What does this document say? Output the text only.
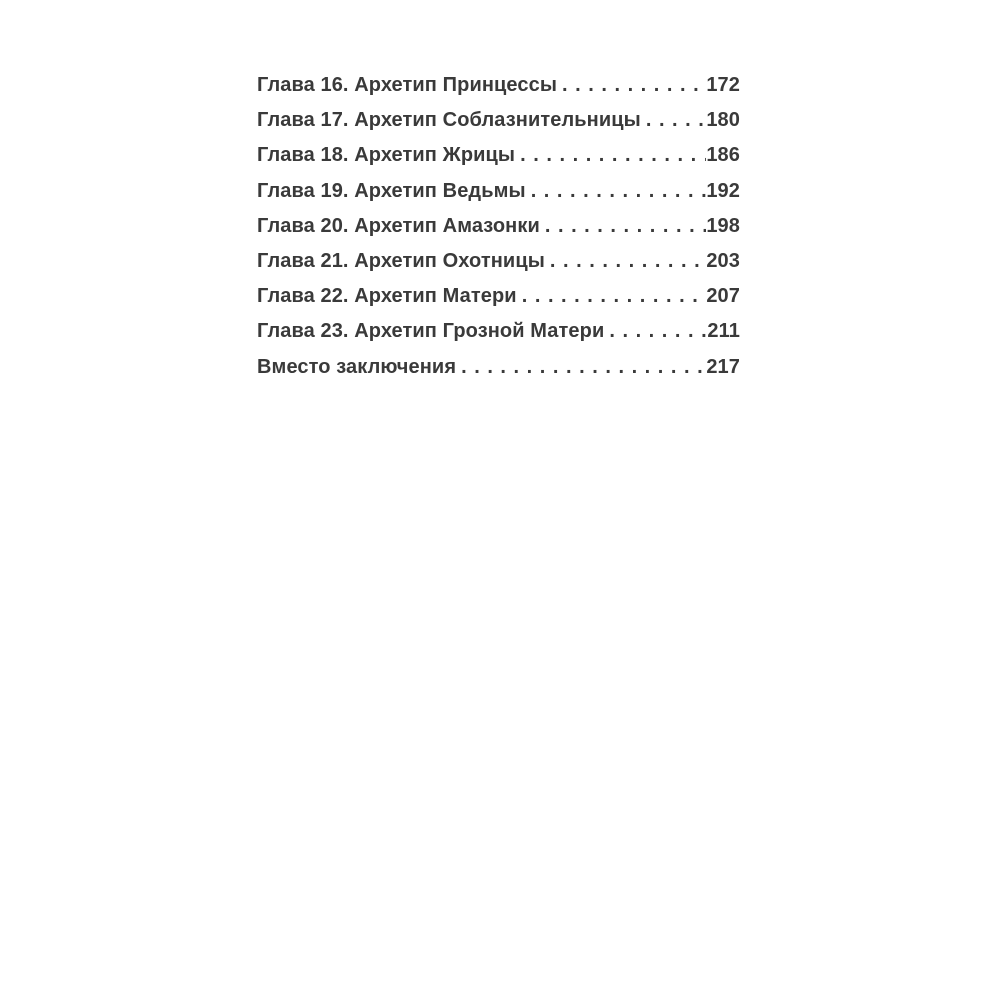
Глава 16. Архетип Принцессы . . .	172
Глава 17. Архетип Соблазнительницы . . .	180
Глава 18. Архетип Жрицы . . .	186
Глава 19. Архетип Ведьмы . . .	192
Глава 20. Архетип Амазонки . . .	198
Глава 21. Архетип Охотницы . . .	203
Глава 22. Архетип Матери . . .	207
Глава 23. Архетип Грозной Матери . . .	211
Вместо заключения . . .	217
